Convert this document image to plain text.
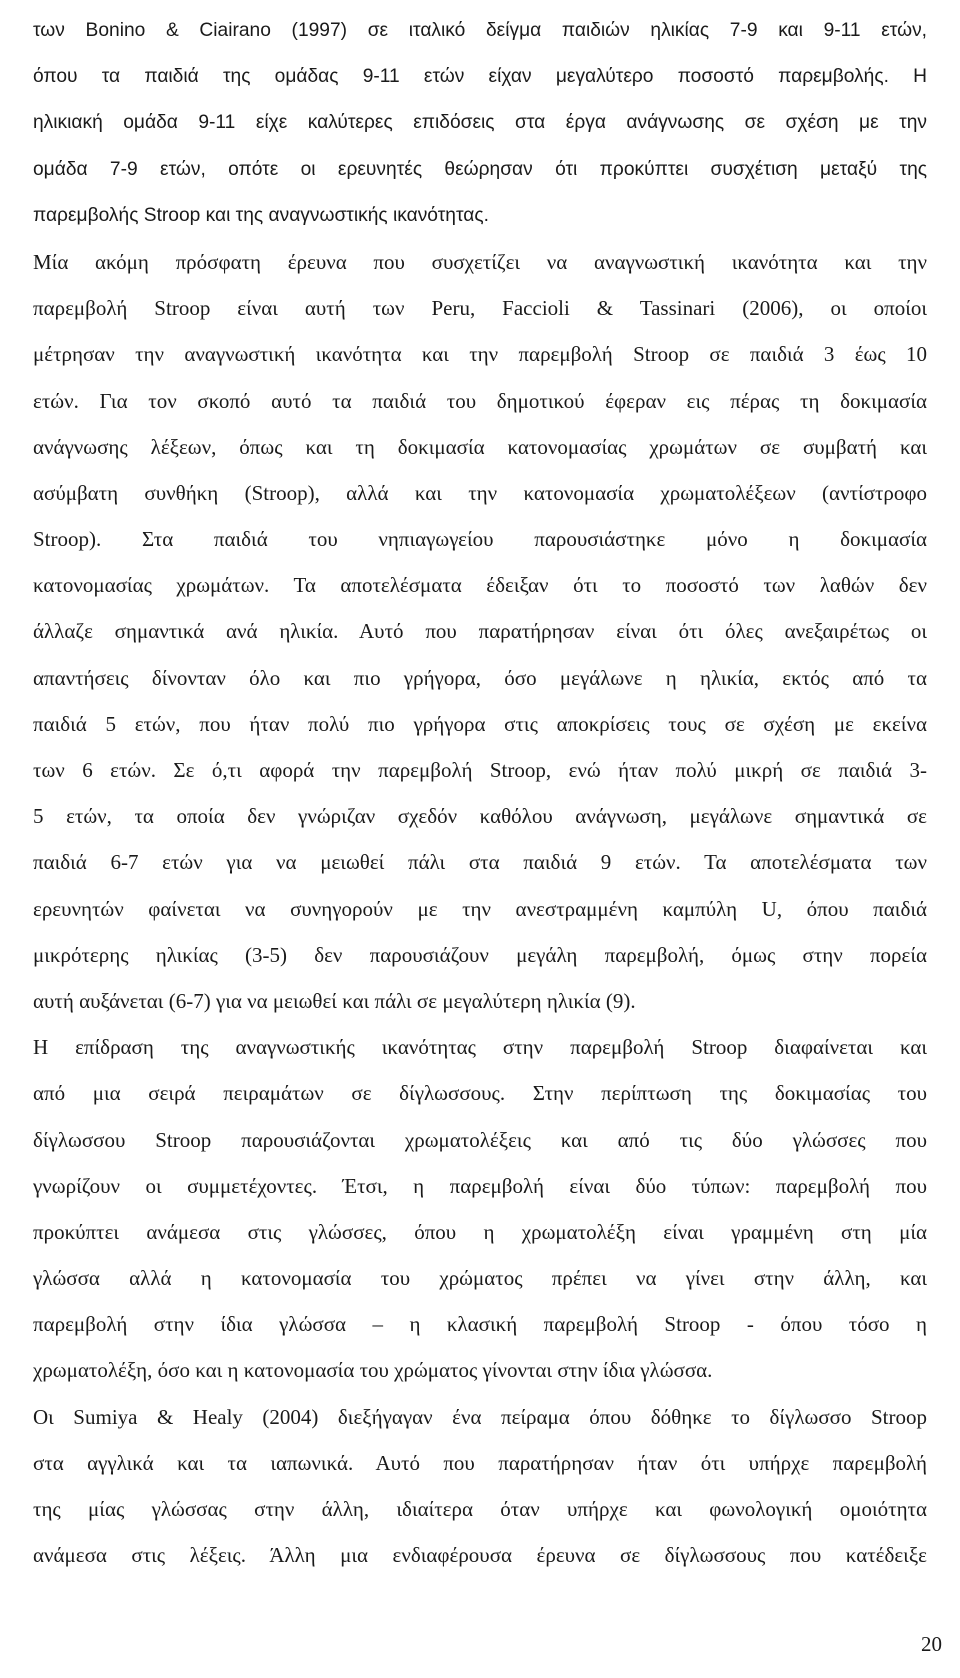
των Bonino & Ciairano (1997) σε ιταλικό δείγμα παιδιών ηλικίας 7-9 και 9-11 ετών,
όπου τα παιδιά της ομάδας 9-11 ετών είχαν μεγαλύτερο ποσοστό παρεμβολής. Η
ηλικιακή ομάδα 9-11 είχε καλύτερες επιδόσεις στα έργα ανάγνωσης σε σχέση με την
ομάδα 7-9 ετών, οπότε οι ερευνητές θεώρησαν ότι προκύπτει συσχέτιση μεταξύ της
παρεμβολής Stroop και της αναγνωστικής ικανότητας.
Μία ακόμη πρόσφατη έρευνα που συσχετίζει να αναγνωστική ικανότητα και την
παρεμβολή Stroop είναι αυτή των Peru, Faccioli & Tassinari (2006), οι οποίοι
μέτρησαν την αναγνωστική ικανότητα και την παρεμβολή Stroop σε παιδιά 3 έως 10
ετών. Για τον σκοπό αυτό τα παιδιά του δημοτικού έφεραν εις πέρας τη δοκιμασία
ανάγνωσης λέξεων, όπως και τη δοκιμασία κατονομασίας χρωμάτων σε συμβατή και
ασύμβατη συνθήκη (Stroop), αλλά και την κατονομασία χρωματολέξεων (αντίστροφο
Stroop). Στα παιδιά του νηπιαγωγείου παρουσιάστηκε μόνο η δοκιμασία
κατονομασίας χρωμάτων. Τα αποτελέσματα έδειξαν ότι το ποσοστό των λαθών δεν
άλλαζε σημαντικά ανά ηλικία. Αυτό που παρατήρησαν είναι ότι όλες ανεξαιρέτως οι
απαντήσεις δίνονταν όλο και πιο γρήγορα, όσο μεγάλωνε η ηλικία, εκτός από τα
παιδιά 5 ετών, που ήταν πολύ πιο γρήγορα στις αποκρίσεις τους σε σχέση με εκείνα
των 6 ετών. Σε ό,τι αφορά την παρεμβολή Stroop, ενώ ήταν πολύ μικρή σε παιδιά 3-
5 ετών, τα οποία δεν γνώριζαν σχεδόν καθόλου ανάγνωση, μεγάλωνε σημαντικά σε
παιδιά 6-7 ετών για να μειωθεί πάλι στα παιδιά 9 ετών. Τα αποτελέσματα των
ερευνητών φαίνεται να συνηγορούν με την ανεστραμμένη καμπύλη U, όπου παιδιά
μικρότερης ηλικίας (3-5) δεν παρουσιάζουν μεγάλη παρεμβολή, όμως στην πορεία
αυτή αυξάνεται (6-7) για να μειωθεί και πάλι σε μεγαλύτερη ηλικία (9).
Η επίδραση της αναγνωστικής ικανότητας στην παρεμβολή Stroop διαφαίνεται και
από μια σειρά πειραμάτων σε δίγλωσσους. Στην περίπτωση της δοκιμασίας του
δίγλωσσου Stroop παρουσιάζονται χρωματολέξεις και από τις δύο γλώσσες που
γνωρίζουν οι συμμετέχοντες. Έτσι, η παρεμβολή είναι δύο τύπων: παρεμβολή που
προκύπτει ανάμεσα στις γλώσσες, όπου η χρωματολέξη είναι γραμμένη στη μία
γλώσσα αλλά η κατονομασία του χρώματος πρέπει να γίνει στην άλλη, και
παρεμβολή στην ίδια γλώσσα – η κλασική παρεμβολή Stroop - όπου τόσο η
χρωματολέξη, όσο και η κατονομασία του χρώματος γίνονται στην ίδια γλώσσα.
Οι Sumiya & Healy (2004) διεξήγαγαν ένα πείραμα όπου δόθηκε το δίγλωσσο Stroop
στα αγγλικά και τα ιαπωνικά. Αυτό που παρατήρησαν ήταν ότι υπήρχε παρεμβολή
της μίας γλώσσας στην άλλη, ιδιαίτερα όταν υπήρχε και φωνολογική ομοιότητα
ανάμεσα στις λέξεις. Άλλη μια ενδιαφέρουσα έρευνα σε δίγλωσσους που κατέδειξε
20
